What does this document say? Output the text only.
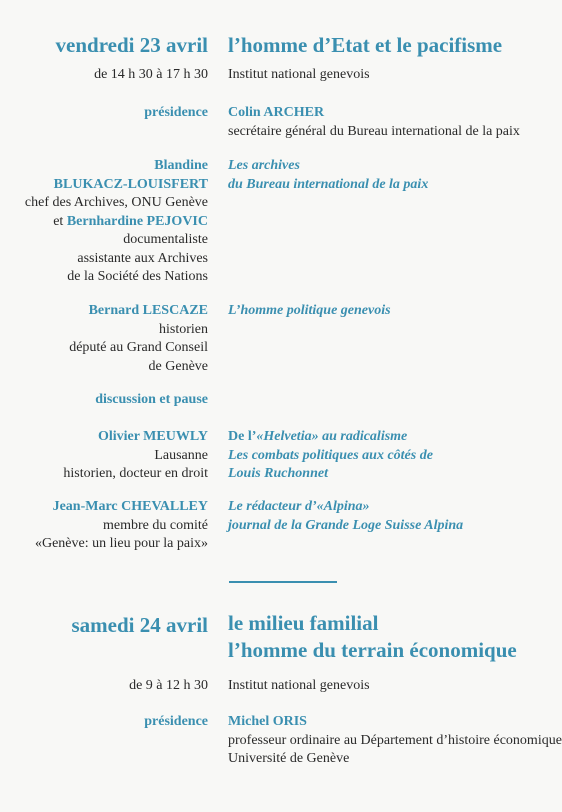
vendredi 23 avril l’homme d’Etat et le pacifisme
de 14 h 30 à 17 h 30 Institut national genevois
présidence Colin ARCHER
secrétaire général du Bureau international de la paix
Blandine
BLUKACZ-LOUISFERT
chef des Archives, ONU Genève
et Bernhardine PEJOVIC
documentaliste
assistante aux Archives
de la Société des Nations
Les archives
du Bureau international de la paix
Bernard LESCAZE
historien
député au Grand Conseil
de Genève
L’homme politique genevois
discussion et pause
Olivier MEUWLY
Lausanne
historien, docteur en droit
De l’«Helvetia» au radicalisme
Les combats politiques aux côtés de
Louis Ruchonnet
Jean-Marc CHEVALLEY
membre du comité
«Genève: un lieu pour la paix»
Le rédacteur d’«Alpina»
journal de la Grande Loge Suisse Alpina
samedi 24 avril le milieu familial
l’homme du terrain économique
de 9 à 12 h 30 Institut national genevois
présidence Michel ORIS
professeur ordinaire au Département d’histoire économique
Université de Genève
